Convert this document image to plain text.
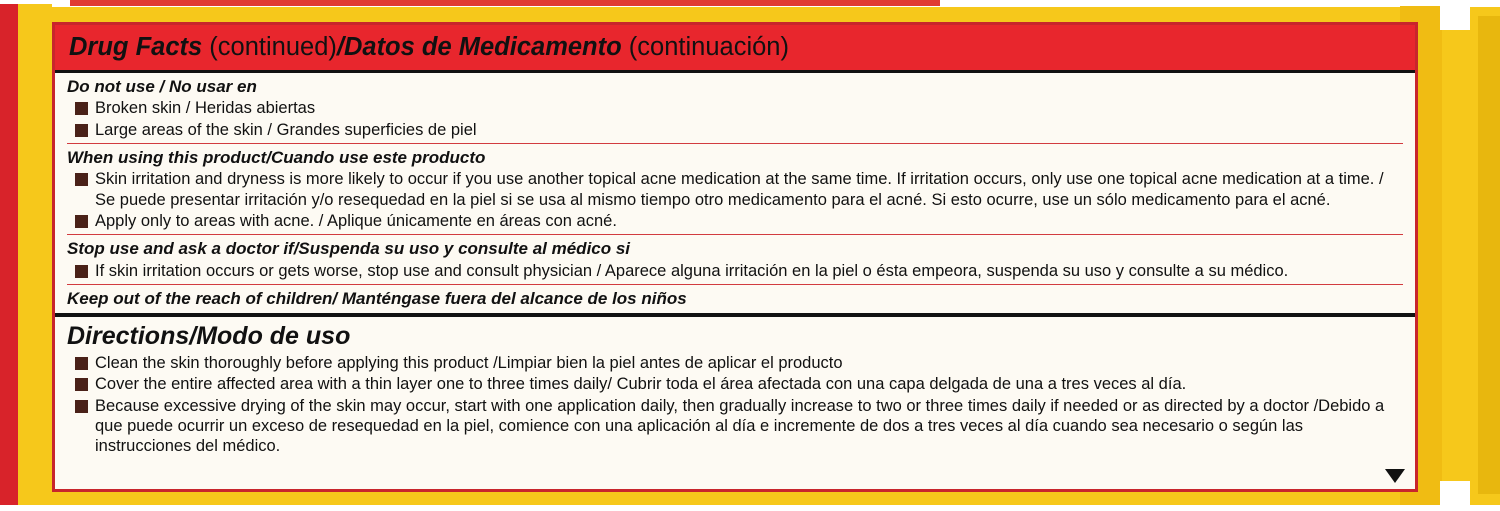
Drug Facts (continued)/Datos de Medicamento (continuación)
Do not use / No usar en
Broken skin / Heridas abiertas
Large areas of the skin / Grandes superficies de piel
When using this product/Cuando use este producto
Skin irritation and dryness is more likely to occur if you use another topical acne medication at the same time. If irritation occurs, only use one topical acne medication at a time. / Se puede presentar irritación y/o resequedad en la piel si se usa al mismo tiempo otro medicamento para el acné. Si esto ocurre, use un sólo medicamento para el acné.
Apply only to areas with acne. / Aplique únicamente en áreas con acné.
Stop use and ask a doctor if/Suspenda su uso y consulte al médico si
If skin irritation occurs or gets worse, stop use and consult physician / Aparece alguna irritación en la piel o ésta empeora, suspenda su uso y consulte a su médico.
Keep out of the reach of children/ Manténgase fuera del alcance de los niños
Directions/Modo de uso
Clean the skin thoroughly before applying this product /Limpiar bien la piel antes de aplicar el producto
Cover the entire affected area with a thin layer one to three times daily/ Cubrir toda el área afectada con una capa delgada de una a tres veces al día.
Because excessive drying of the skin may occur, start with one application daily, then gradually increase to two or three times daily if needed or as directed by a doctor /Debido a que puede ocurrir un exceso de resequedad en la piel, comience con una aplicación al día e incremente de dos a tres veces al día cuando sea necesario o según las instrucciones del médico.
